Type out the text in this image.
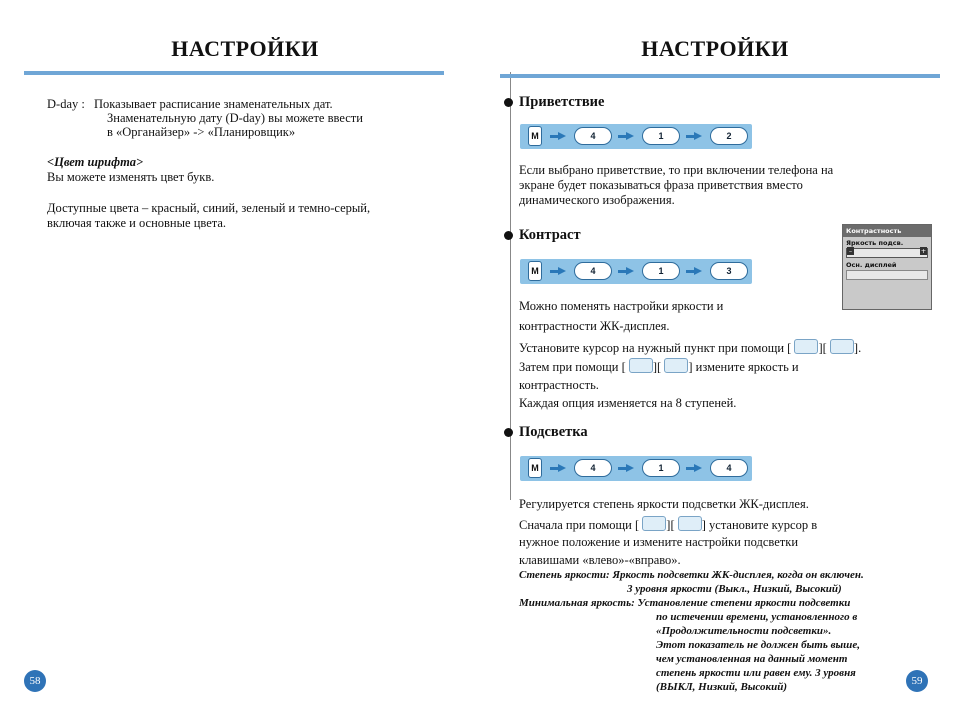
НАСТРОЙКИ
D-day : Показывает расписание знаменательных дат.
Знаменательную дату (D-day) вы можете ввести
в «Органайзер» -> «Планировщик»
<Цвет шрифта>
Вы можете изменять цвет букв.
Доступные цвета – красный, синий, зеленый и темно-серый,
включая также и основные цвета.
58
НАСТРОЙКИ
Приветствие
M	4	1	2
Если выбрано приветствие, то при включении телефона на
экране будет показываться фраза приветствия вместо
динамического изображения.
Контраст	Контрастность
Яркость подсв.
–	+
Осн. дисплей
M	4	1	3
Можно поменять настройки яркости и
контрастности ЖК-дисплея.
Установите курсор на нужный пункт при помощи [ ][ ].
Затем при помощи [ ][ ] измените яркость и
контрастность.
Каждая опция изменяется на 8 ступеней.
Подсветка
M	4	1	4
Регулируется степень яркости подсветки ЖК-дисплея.
Сначала при помощи [ ][ ] установите курсор в
нужное положение и измените настройки подсветки
клавишами «влево»-«вправо».
Степень яркости: Яркость подсветки ЖК-дисплея, когда он включен.
3 уровня яркости (Выкл., Низкий, Высокий)
Минимальная яркость: Установление степени яркости подсветки
по истечении времени, установленного в
«Продолжительности подсветки».
Этот показатель не должен быть выше,
чем установленная на данный момент
степень яркости или равен ему. 3 уровня
(ВЫКЛ, Низкий, Высокий)	59
